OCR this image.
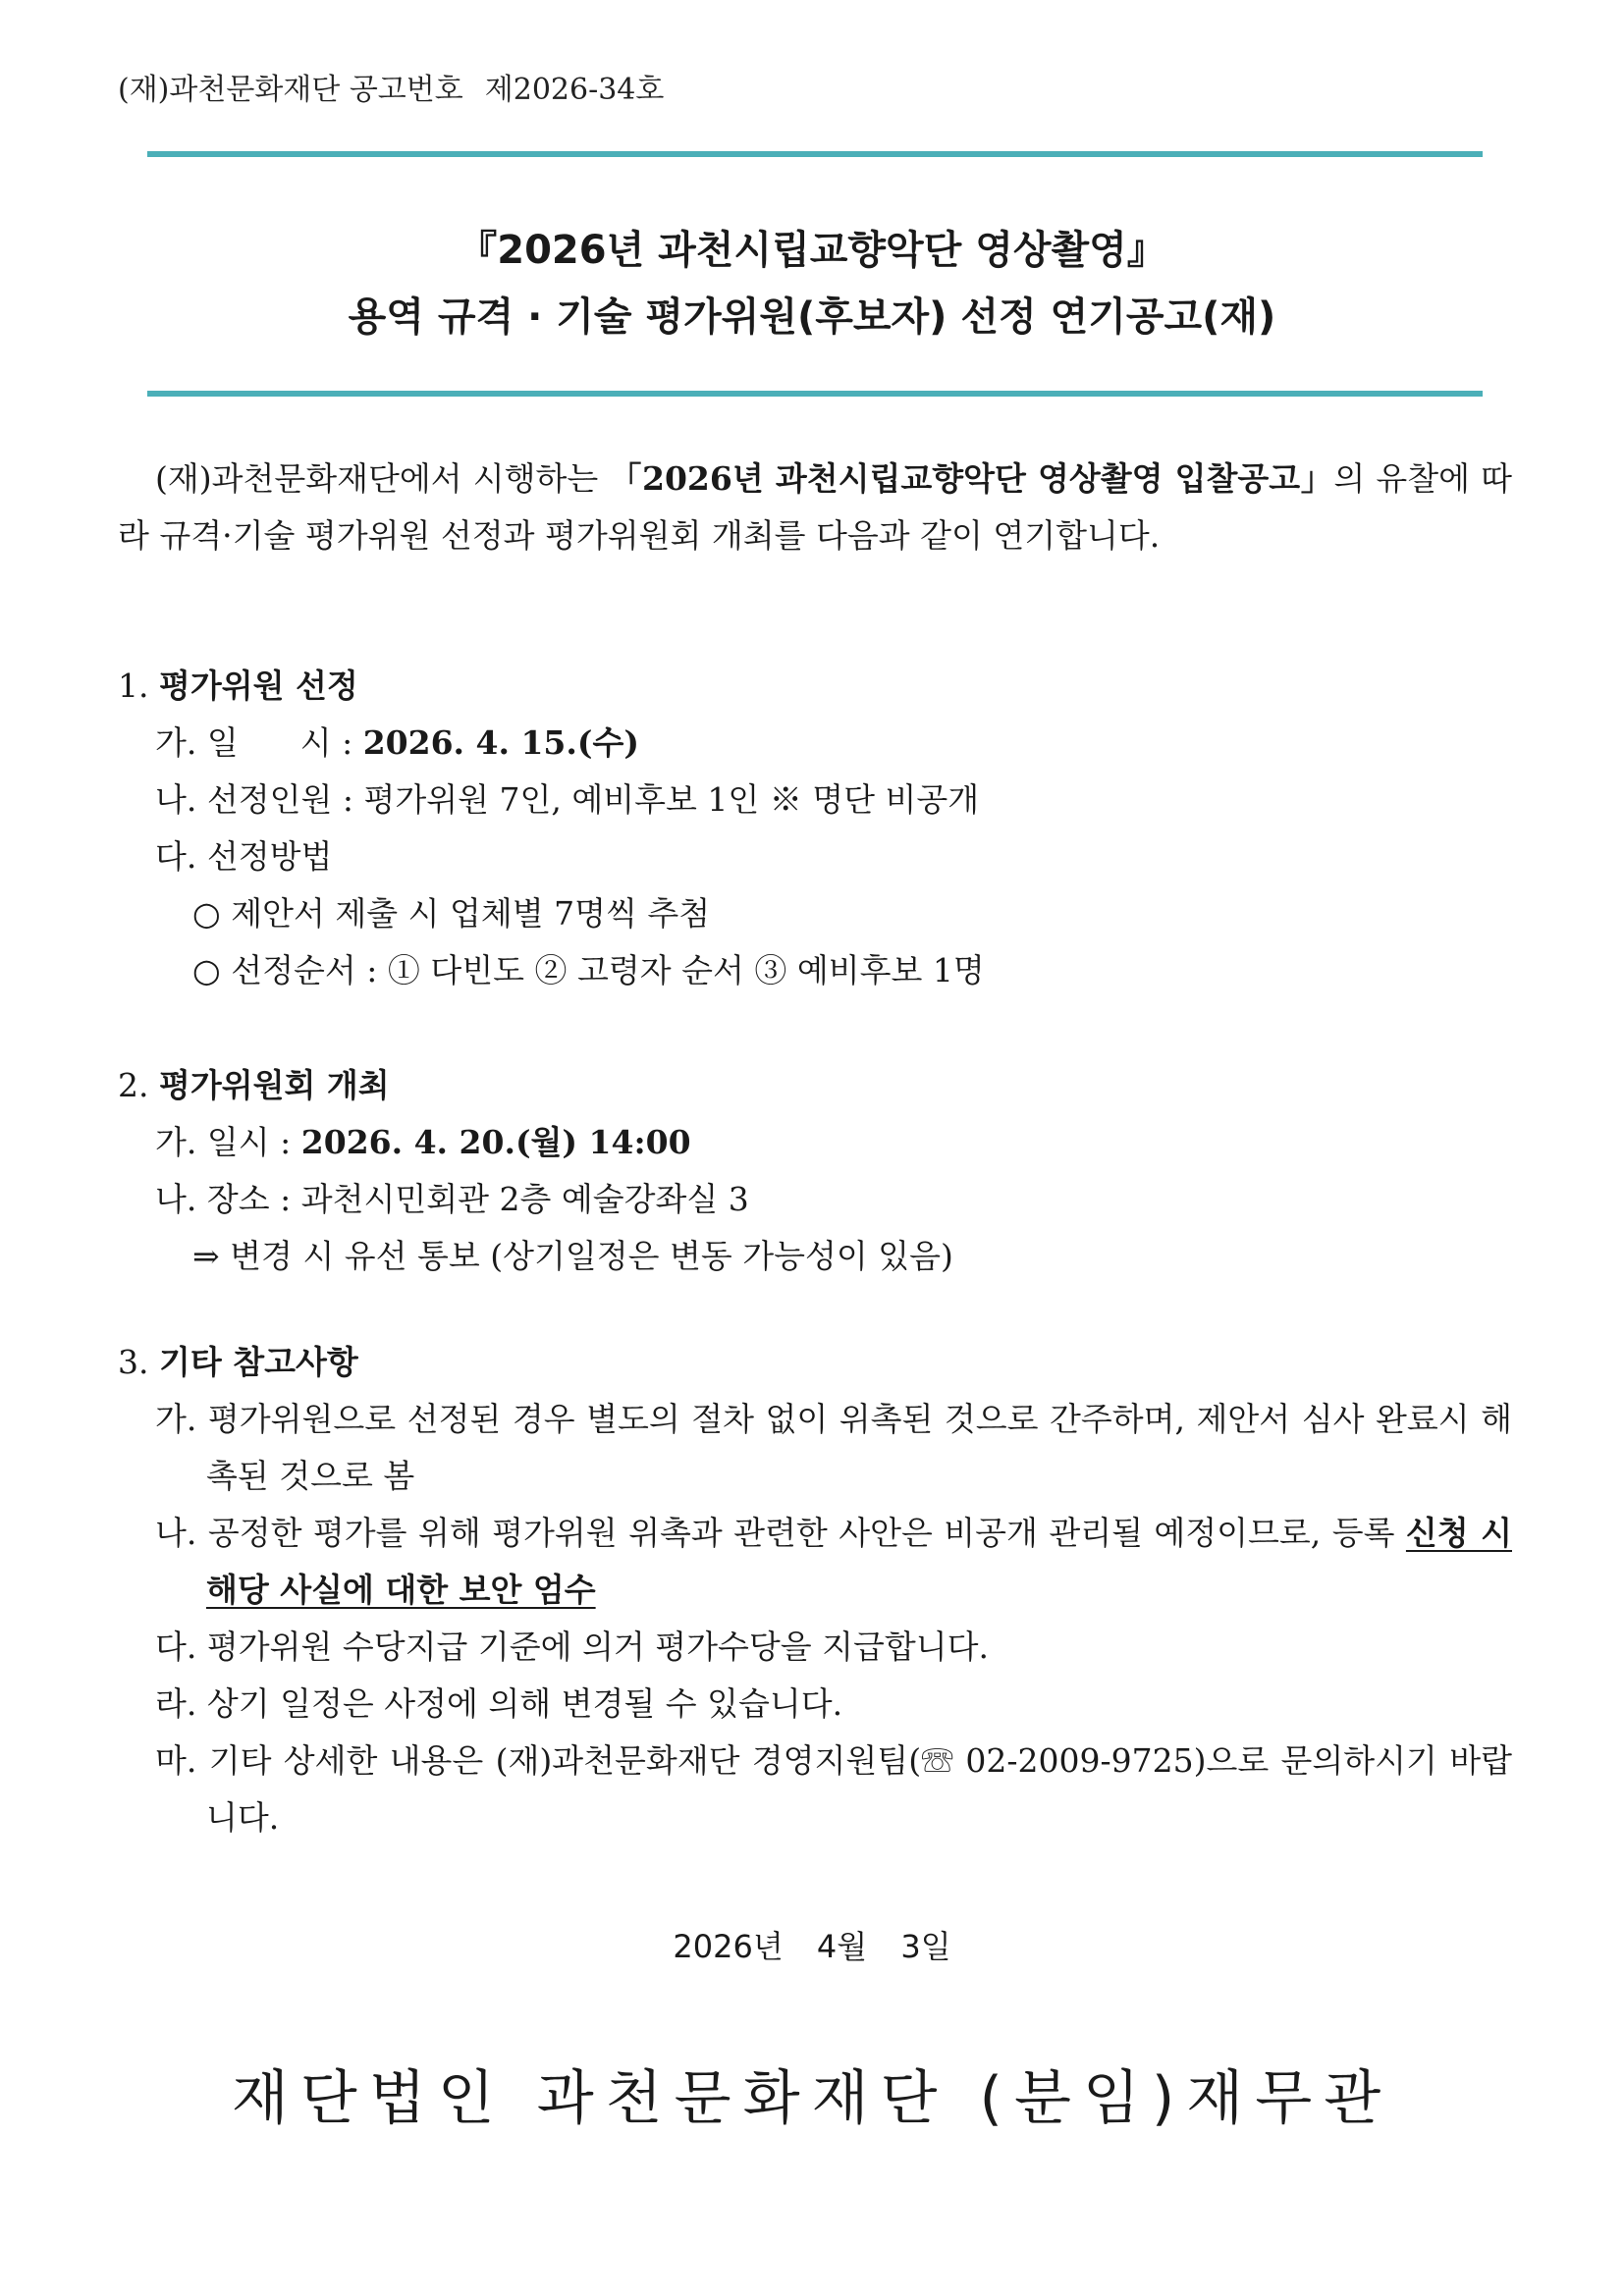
(재)과천문화재단 공고번호 제2026-34호
『2026년 과천시립교향악단 영상촬영』
용역 규격 · 기술 평가위원(후보자) 선정 연기공고(재)
(재)과천문화재단에서 시행하는 「2026년 과천시립교향악단 영상촬영 입찰공고」의 유찰에 따라 규격·기술 평가위원 선정과 평가위원회 개최를 다음과 같이 연기합니다.
1. 평가위원 선정
가. 일      시 : 2026. 4. 15.(수)
나. 선정인원 : 평가위원 7인, 예비후보 1인 ※ 명단 비공개
다. 선정방법
○ 제안서 제출 시 업체별 7명씩 추첨
○ 선정순서 : ① 다빈도 ② 고령자 순서 ③ 예비후보 1명
2. 평가위원회 개최
가. 일시 : 2026. 4. 20.(월) 14:00
나. 장소 : 과천시민회관 2층 예술강좌실 3
⇒ 변경 시 유선 통보 (상기일정은 변동 가능성이 있음)
3. 기타 참고사항
가. 평가위원으로 선정된 경우 별도의 절차 없이 위촉된 것으로 간주하며, 제안서 심사 완료시 해촉된 것으로 봄
나. 공정한 평가를 위해 평가위원 위촉과 관련한 사안은 비공개 관리될 예정이므로, 등록 신청 시 해당 사실에 대한 보안 엄수
다. 평가위원 수당지급 기준에 의거 평가수당을 지급합니다.
라. 상기 일정은 사정에 의해 변경될 수 있습니다.
마. 기타 상세한 내용은 (재)과천문화재단 경영지원팀(☏ 02-2009-9725)으로 문의하시기 바랍니다.
2026년 4월 3일
재단법인 과천문화재단 (분임)재무관
